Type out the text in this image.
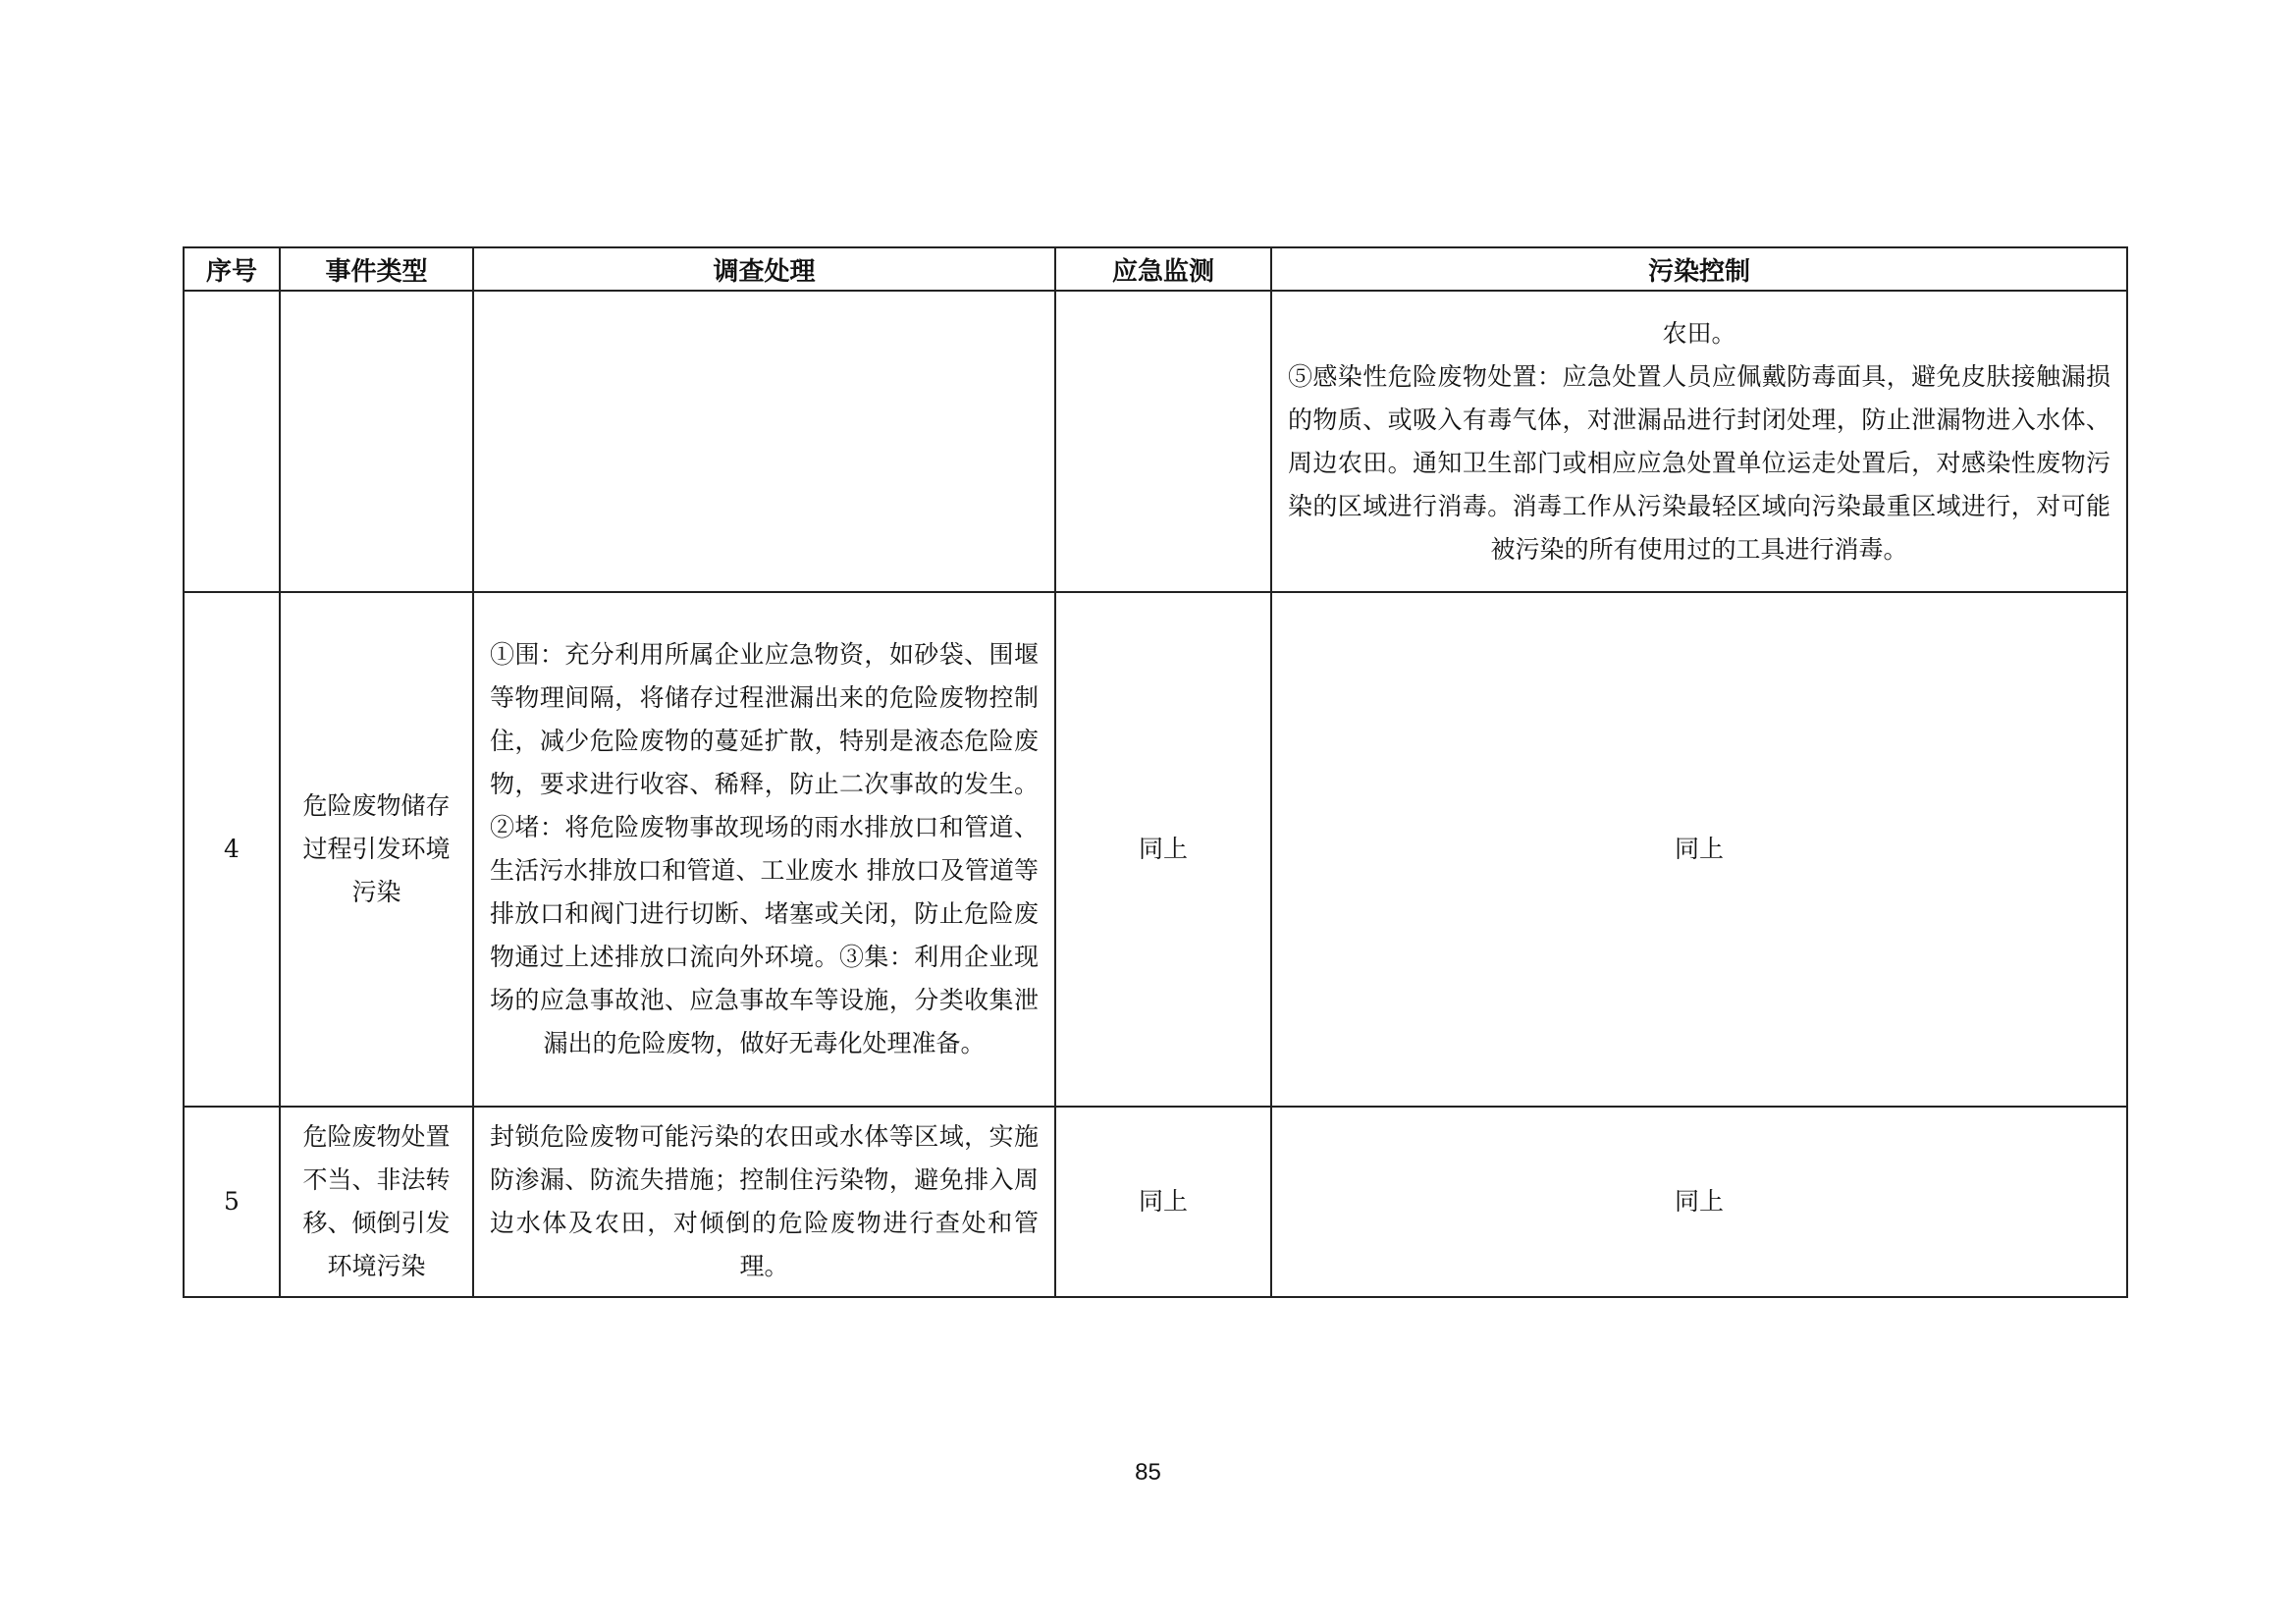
序号	事件类型	调查处理	应急监测	污染控制

				农田。
⑤感染性危险废物处置：应急处置人员应佩戴防毒面具，避免皮肤接触漏损的物质、或吸入有毒气体，对泄漏品进行封闭处理，防止泄漏物进入水体、周边农田。通知卫生部门或相应应急处置单位运走处置后，对感染性废物污染的区域进行消毒。消毒工作从污染最轻区域向污染最重区域进行，对可能被污染的所有使用过的工具进行消毒。

4	危险废物储存过程引发环境污染	①围：充分利用所属企业应急物资，如砂袋、围堰等物理间隔，将储存过程泄漏出来的危险废物控制住，减少危险废物的蔓延扩散，特别是液态危险废物，要求进行收容、稀释，防止二次事故的发生。②堵：将危险废物事故现场的雨水排放口和管道、生活污水排放口和管道、工业废水 排放口及管道等排放口和阀门进行切断、堵塞或关闭，防止危险废物通过上述排放口流向外环境。③集：利用企业现场的应急事故池、应急事故车等设施，分类收集泄漏出的危险废物，做好无毒化处理准备。	同上	同上
5	危险废物处置不当、非法转移、倾倒引发环境污染	封锁危险废物可能污染的农田或水体等区域，实施防渗漏、防流失措施；控制住污染物，避免排入周边水体及农田，对倾倒的危险废物进行查处和管理。	同上	同上
85
